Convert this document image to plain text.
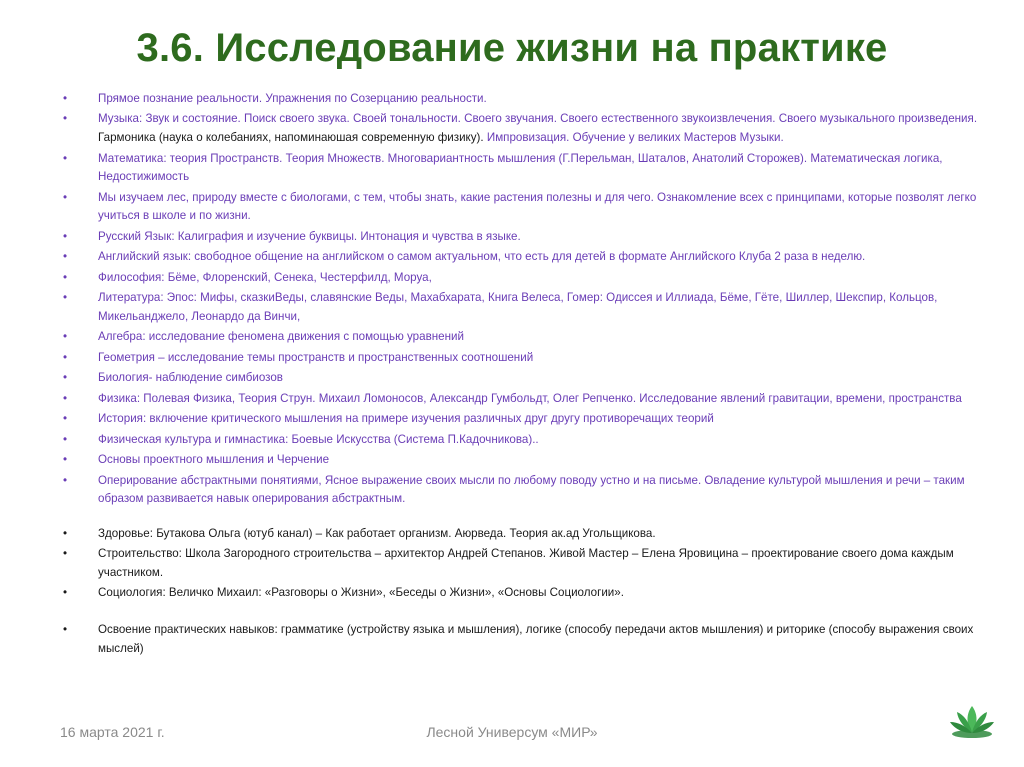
3.6. Исследование жизни на практике
•	Прямое познание реальности. Упражнения по Созерцанию реальности.
•	Музыка: Звук и состояние. Поиск своего звука. Своей тональности. Своего звучания. Своего естественного звукоизвлечения. Своего музыкального произведения. Гармоника (наука о колебаниях, напоминаюшая современную физику). Импровизация. Обучение у великих Мастеров Музыки.
•	Математика: теория Пространств. Теория Множеств. Многовариантность мышления (Г.Перельман, Шаталов, Анатолий Сторожев). Математическая логика, Недостижимость
•	Мы изучаем лес, природу вместе с биологами, с тем, чтобы знать, какие растения полезны и для чего. Ознакомление всех с принципами, которые позволят легко учиться в школе и по жизни.
•	Русский Язык: Калиграфия и изучение буквицы. Интонация и чувства в языке.
•	Английский язык: свободное общение на английском о самом актуальном, что есть для детей в формате Английского Клуба 2 раза в неделю.
•	Философия: Бёме, Флоренский, Сенека, Честерфилд, Моруа,
•	Литература: Эпос: Мифы, сказкиВеды, славянские Веды, Махабхарата, Книга Велеса, Гомер: Одиссея и Иллиада, Бёме, Гёте, Шиллер, Шекспир, Кольцов, Микельанджело, Леонардо да Винчи,
•	Алгебра: исследование феномена движения с помощью уравнений
•	Геометрия – исследование темы пространств и пространственных соотношений
•	Биология- наблюдение симбиозов
•	Физика: Полевая Физика, Теория Струн. Михаил Ломоносов, Александр Гумбольдт, Олег Репченко. Исследование явлений гравитации, времени, пространства
•	История: включение критического мышления на примере изучения различных друг другу противоречащих теорий
•	Физическая культура и гимнастика: Боевые Искусства (Система П.Кадочникова)..
•	Основы проектного мышления и Черчение
•	Оперирование абстрактными понятиями, Ясное выражение своих мысли по любому поводу устно и на письме. Овладение культурой мышления и речи – таким образом развивается навык оперирования абстрактным.
•	Здоровье: Бутакова Ольга (ютуб канал) – Как работает организм. Аюрведа. Теория ак.ад Угольщикова.
•	Строительство: Школа Загородного строительства – архитектор Андрей Степанов. Живой Мастер – Елена Яровицина – проектирование своего дома каждым участником.
•	Социология: Величко Михаил: «Разговоры о Жизни», «Беседы о Жизни», «Основы Социологии».
•	Освоение практических навыков: грамматике (устройству языка и мышления), логике (способу передачи актов мышления) и риторике (способу выражения своих мыслей)
Лесной Универсум «МИР»
16 марта 2021 г.
